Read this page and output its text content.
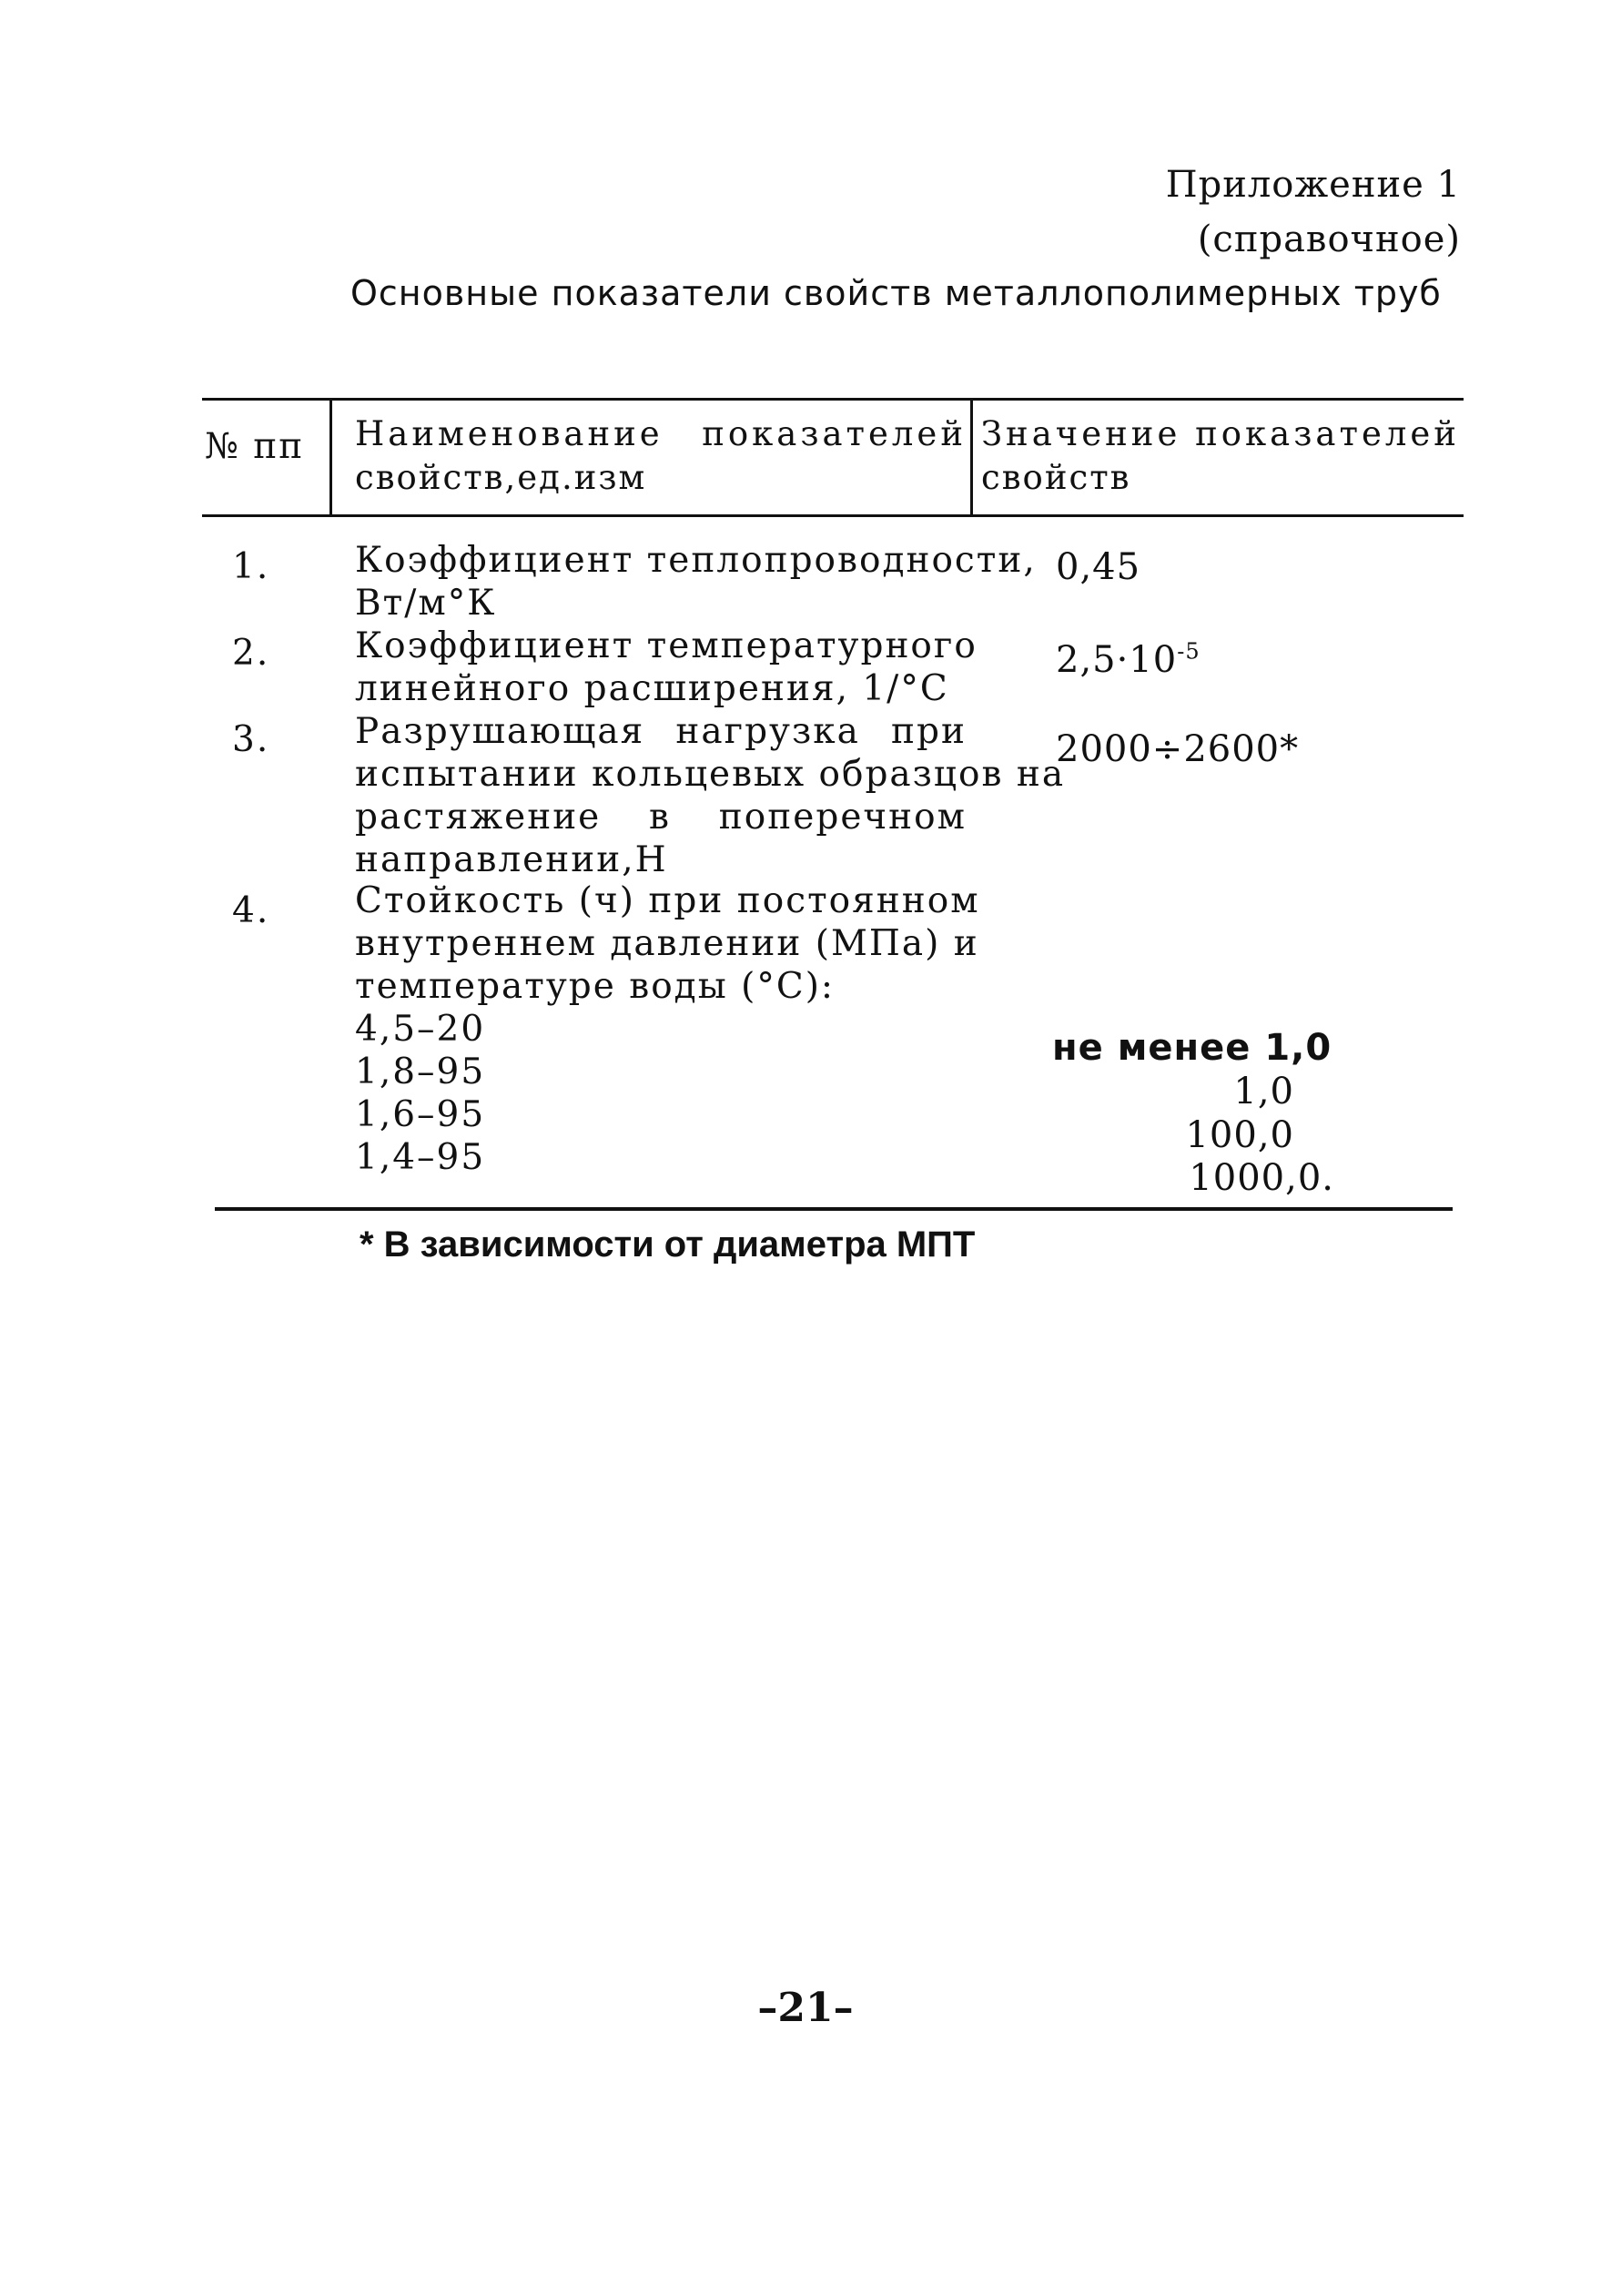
Приложение 1
(справочное)
Основные показатели свойств металлополимерных труб
№ пп Наименование показателей
свойств,ед.изм
Значение показателей
свойств
1. Коэффициент теплопроводности,
Вт/м°К
0,45
2. Коэффициент температурного
линейного расширения, 1/°С
$2,5\cdot 10^{-5}$
3. Разрушающая нагрузка при
испытании кольцевых образцов на
растяжение в поперечном
направлении,Н
2000÷2600*
4. Стойкость (ч) при постоянном
внутреннем давлении (МПа) и
температуре воды (°С):
4,5–20
1,8–95
1,6–95
1,4–95
не менее 1,0
1,0
100,0
1000,0.
* В зависимости от диаметра МПТ
–21–
